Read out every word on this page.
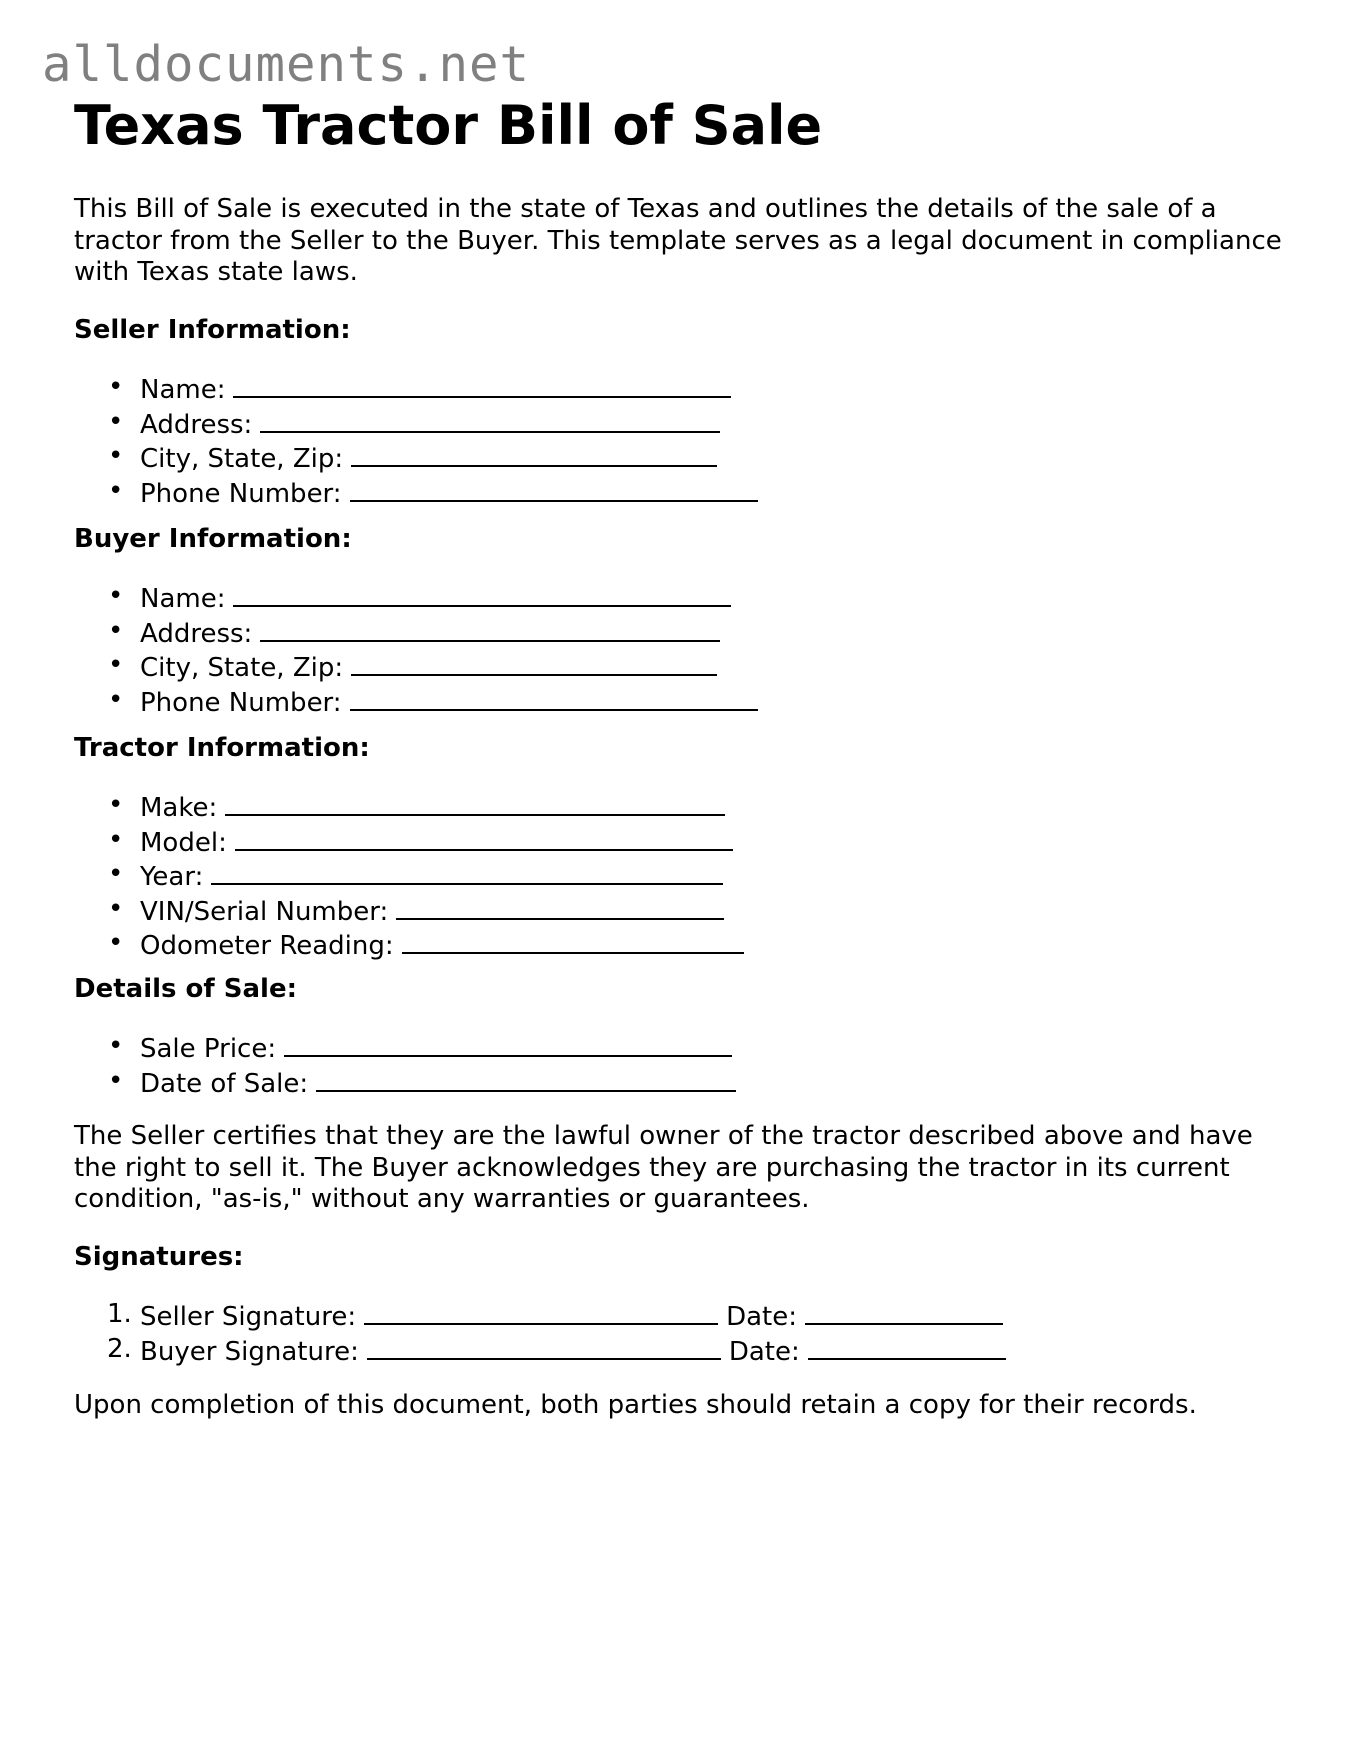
alldocuments.net
Texas Tractor Bill of Sale

This Bill of Sale is executed in the state of Texas and outlines the details of the sale of a tractor from the Seller to the Buyer. This template serves as a legal document in compliance with Texas state laws.

Seller Information:
• Name:
• Address:
• City, State, Zip:
• Phone Number:
Buyer Information:
• Name:
• Address:
• City, State, Zip:
• Phone Number:
Tractor Information:
• Make:
• Model:
• Year:
• VIN/Serial Number:
• Odometer Reading:
Details of Sale:
• Sale Price:
• Date of Sale:

The Seller certifies that they are the lawful owner of the tractor described above and have the right to sell it. The Buyer acknowledges they are purchasing the tractor in its current condition, "as-is," without any warranties or guarantees.

Signatures:
1. Seller Signature:	Date:
2. Buyer Signature:	Date:

Upon completion of this document, both parties should retain a copy for their records.
